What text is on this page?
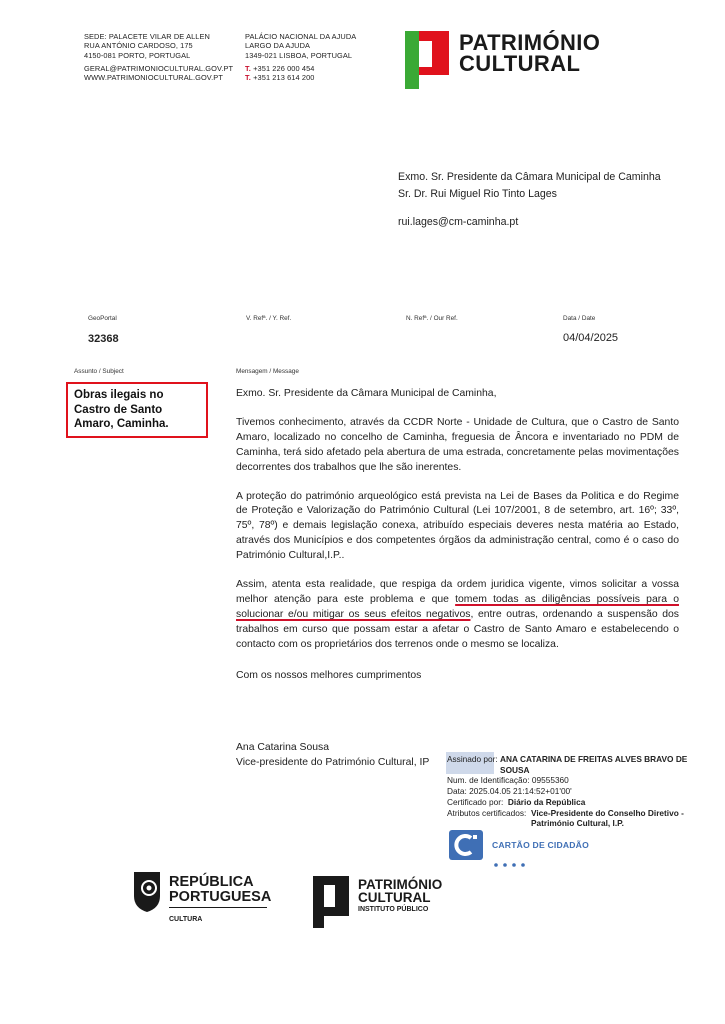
SEDE: PALACETE VILAR DE ALLEN
RUA ANTÓNIO CARDOSO, 175
4150-081 PORTO, PORTUGAL
GERAL@PATRIMONIOCULTURAL.GOV.PT
WWW.PATRIMONIOCULTURAL.GOV.PT
PALÁCIO NACIONAL DA AJUDA
LARGO DA AJUDA
1349-021 LISBOA, PORTUGAL
T. +351 226 000 454
T. +351 213 614 200
PATRIMÓNIO
CULTURAL
Exmo. Sr. Presidente da Câmara Municipal de Caminha
Sr. Dr. Rui Miguel Rio Tinto Lages
rui.lages@cm-caminha.pt
GeoPortal
32368
V. Refª. / Y. Ref.	N. Refª. / Our Ref.	Data / Date
04/04/2025
Assunto / Subject
Obras ilegais no Castro de Santo Amaro, Caminha.
Mensagem / Message

Exmo. Sr. Presidente da Câmara Municipal de Caminha,

Tivemos conhecimento, através da CCDR Norte - Unidade de Cultura, que o Castro de Santo Amaro, localizado no concelho de Caminha, freguesia de Âncora e inventariado no PDM de Caminha, terá sido afetado pela abertura de uma estrada, concretamente pelas movimentações decorrentes dos trabalhos que lhe são inerentes.

A proteção do património arqueológico está prevista na Lei de Bases da Politica e do Regime de Proteção e Valorização do Património Cultural (Lei 107/2001, 8 de setembro, art. 16º; 33º, 75º, 78º) e demais legislação conexa, atribuído especiais deveres nesta matéria ao Estado, através dos Municípios e dos competentes órgãos da administração central, como é o caso do Património Cultural,I.P..

Assim, atenta esta realidade, que respiga da ordem juridica vigente, vimos solicitar a vossa melhor atenção para este problema e que tomem todas as diligências possíveis para o solucionar e/ou mitigar os seus efeitos negativos, entre outras, ordenando a suspensão dos trabalhos em curso que possam estar a afetar o Castro de Santo Amaro e estabelecendo o contacto com os proprietários dos terrenos onde o mesmo se localiza.

Com os nossos melhores cumprimentos
Ana Catarina Sousa
Vice-presidente do Património Cultural, IP Assinado por: ANA CATARINA DE FREITAS ALVES BRAVO DE SOUSA
Num. de Identificação: 09555360
Data: 2025.04.05 21:14:52+01'00'
Certificado por: Diário da República
Atributos certificados: Vice-Presidente do Conselho Diretivo - Património Cultural, I.P.
CARTÃO DE CIDADÃO
REPÚBLICA
PORTUGUESA
CULTURA
PATRIMÓNIO
CULTURAL
INSTITUTO PÚBLICO
